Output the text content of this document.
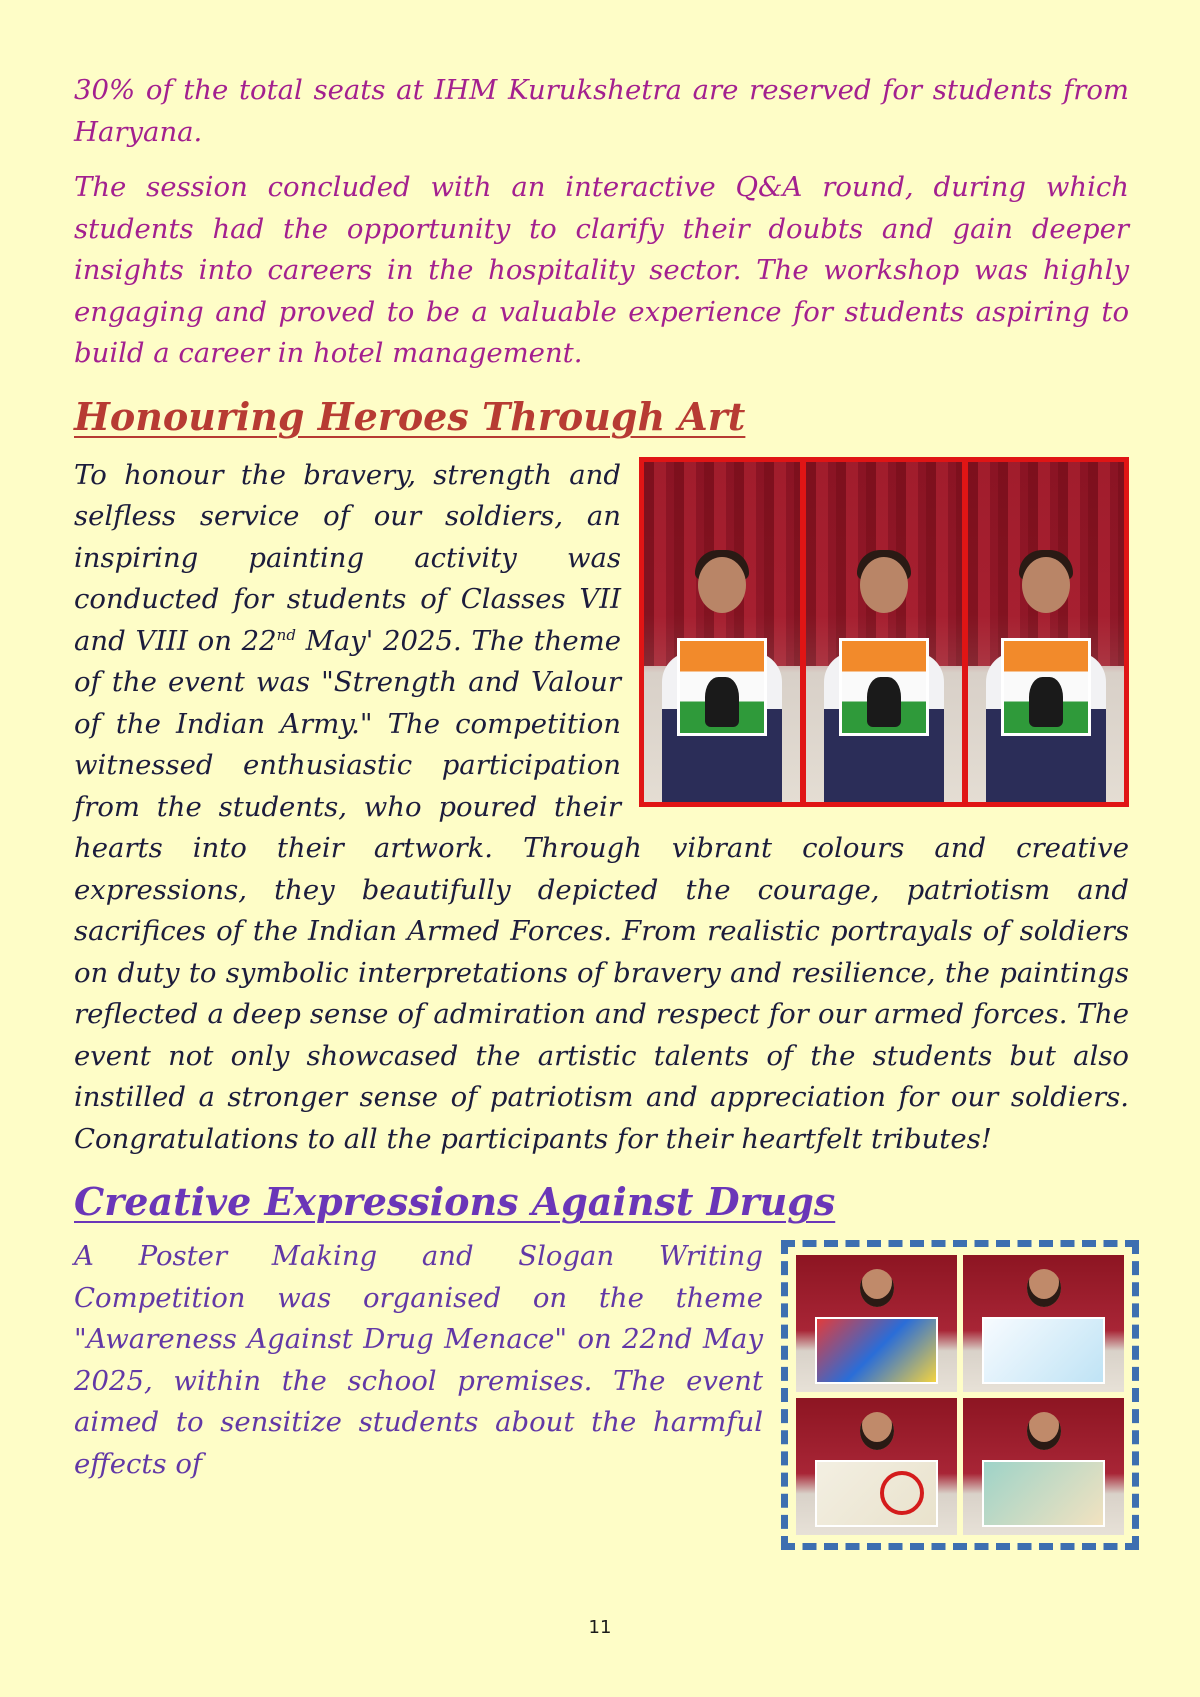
30% of the total seats at IHM Kurukshetra are reserved for students from Haryana.

The session concluded with an interactive Q&A round, during which students had the opportunity to clarify their doubts and gain deeper insights into careers in the hospitality sector. The workshop was highly engaging and proved to be a valuable experience for students aspiring to build a career in hotel management.

Honouring Heroes Through Art

To honour the bravery, strength and selfless service of our soldiers, an inspiring painting activity was conducted for students of Classes VII and VIII on 22nd May' 2025. The theme of the event was "Strength and Valour of the Indian Army." The competition witnessed enthusiastic participation from the students, who poured their hearts into their artwork. Through vibrant colours and creative expressions, they beautifully depicted the courage, patriotism and sacrifices of the Indian Armed Forces. From realistic portrayals of soldiers on duty to symbolic interpretations of bravery and resilience, the paintings reflected a deep sense of admiration and respect for our armed forces. The event not only showcased the artistic talents of the students but also instilled a stronger sense of patriotism and appreciation for our soldiers. Congratulations to all the participants for their heartfelt tributes!

Creative Expressions Against Drugs

A Poster Making and Slogan Writing Competition was organised on the theme "Awareness Against Drug Menace" on 22nd May 2025, within the school premises. The event aimed to sensitize students about the harmful effects of

11
